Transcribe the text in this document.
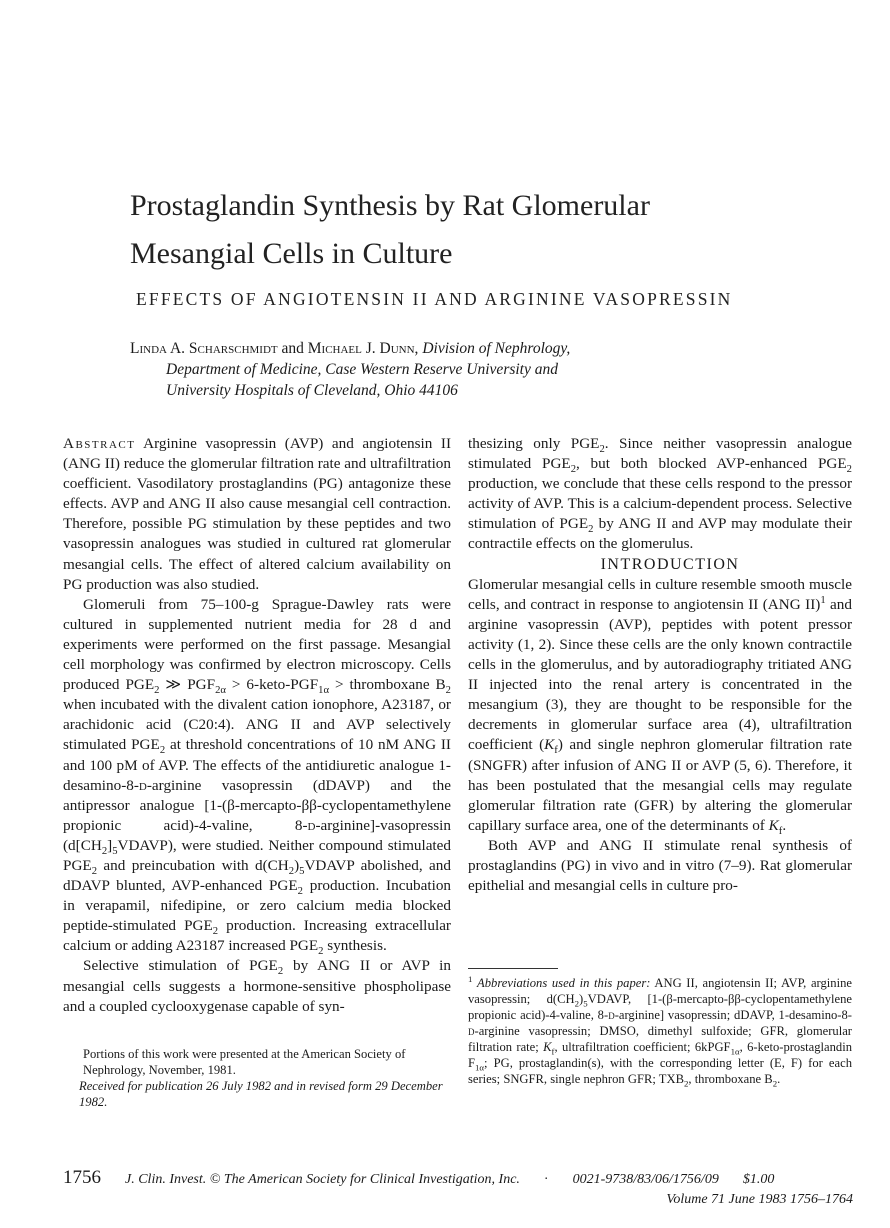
Prostaglandin Synthesis by Rat Glomerular
Mesangial Cells in Culture
EFFECTS OF ANGIOTENSIN II AND ARGININE VASOPRESSIN
Linda A. Scharschmidt and Michael J. Dunn, Division of Nephrology,
Department of Medicine, Case Western Reserve University and
University Hospitals of Cleveland, Ohio 44106

Abstract Arginine vasopressin (AVP) and angiotensin II (ANG II) reduce the glomerular filtration rate and ultrafiltration coefficient. Vasodilatory prostaglandins (PG) antagonize these effects. AVP and ANG II also cause mesangial cell contraction. Therefore, possible PG stimulation by these peptides and two vasopressin analogues was studied in cultured rat glomerular mesangial cells. The effect of altered calcium availability on PG production was also studied.

Glomeruli from 75–100-g Sprague-Dawley rats were cultured in supplemented nutrient media for 28 d and experiments were performed on the first passage. Mesangial cell morphology was confirmed by electron microscopy. Cells produced $PGE_2$ ≫ $PGF_{2\alpha}$ > $6-keto-PGF_{1\alpha}$ > thromboxane $B_2$ when incubated with the divalent cation ionophore, A23187, or arachidonic acid (C20:4). ANG II and AVP selectively stimulated $PGE_2$ at threshold concentrations of 10 nM ANG II and 100 pM of AVP. The effects of the antidiuretic analogue 1-desamino-8-d-arginine vasopressin (dDAVP) and the antipressor analogue [1-(β-mercapto-ββ-cyclopentamethylene propionic acid)-4-valine, 8-d-arginine]-vasopressin $(d[CH_2]_5VDAVP)$, were studied. Neither compound stimulated $PGE_2$ and preincubation with $d(CH_2)_5VDAVP$ abolished, and dDAVP blunted, AVP-enhanced $PGE_2$ production. Incubation in verapamil, nifedipine, or zero calcium media blocked peptide-stimulated $PGE_2$ production. Increasing extracellular calcium or adding A23187 increased $PGE_2$ synthesis.

Selective stimulation of $PGE_2$ by ANG II or AVP in mesangial cells suggests a hormone-sensitive phospholipase and a coupled cyclooxygenase capable of syn-

Portions of this work were presented at the American Society of Nephrology, November, 1981.

Received for publication 26 July 1982 and in revised form 29 December 1982.

thesizing only $PGE_2$. Since neither vasopressin analogue stimulated $PGE_2$, but both blocked AVP-enhanced $PGE_2$ production, we conclude that these cells respond to the pressor activity of AVP. This is a calcium-dependent process. Selective stimulation of $PGE_2$ by ANG II and AVP may modulate their contractile effects on the glomerulus.

INTRODUCTION

Glomerular mesangial cells in culture resemble smooth muscle cells, and contract in response to angiotensin II (ANG II)$^1$ and arginine vasopressin (AVP), peptides with potent pressor activity (1, 2). Since these cells are the only known contractile cells in the glomerulus, and by autoradiography tritiated ANG II injected into the renal artery is concentrated in the mesangium (3), they are thought to be responsible for the decrements in glomerular surface area (4), ultrafiltration coefficient $(K_f)$ and single nephron glomerular filtration rate (SNGFR) after infusion of ANG II or AVP (5, 6). Therefore, it has been postulated that the mesangial cells may regulate glomerular filtration rate (GFR) by altering the glomerular capillary surface area, one of the determinants of $K_f$.

Both AVP and ANG II stimulate renal synthesis of prostaglandins (PG) in vivo and in vitro (7–9). Rat glomerular epithelial and mesangial cells in culture pro-

$^1$ Abbreviations used in this paper: ANG II, angiotensin II; AVP, arginine vasopressin; $d(CH_2)_5VDAVP$, [1-(β-mercapto-ββ-cyclopentamethylene propionic acid)-4-valine, 8-d-arginine] vasopressin; dDAVP, 1-desamino-8-d-arginine vasopressin; DMSO, dimethyl sulfoxide; GFR, glomerular filtration rate; $K_f$, ultrafiltration coefficient; 6kPGF$_{1\alpha}$, 6-keto-prostaglandin $F_{1\alpha}$; PG, prostaglandin(s), with the corresponding letter (E, F) for each series; SNGFR, single nephron GFR; $TXB_2$, thromboxane $B_2$.
1756 J. Clin. Invest. © The American Society for Clinical Investigation, Inc. · 0021-9738/83/06/1756/09 $1.00
Volume 71 June 1983 1756–1764
